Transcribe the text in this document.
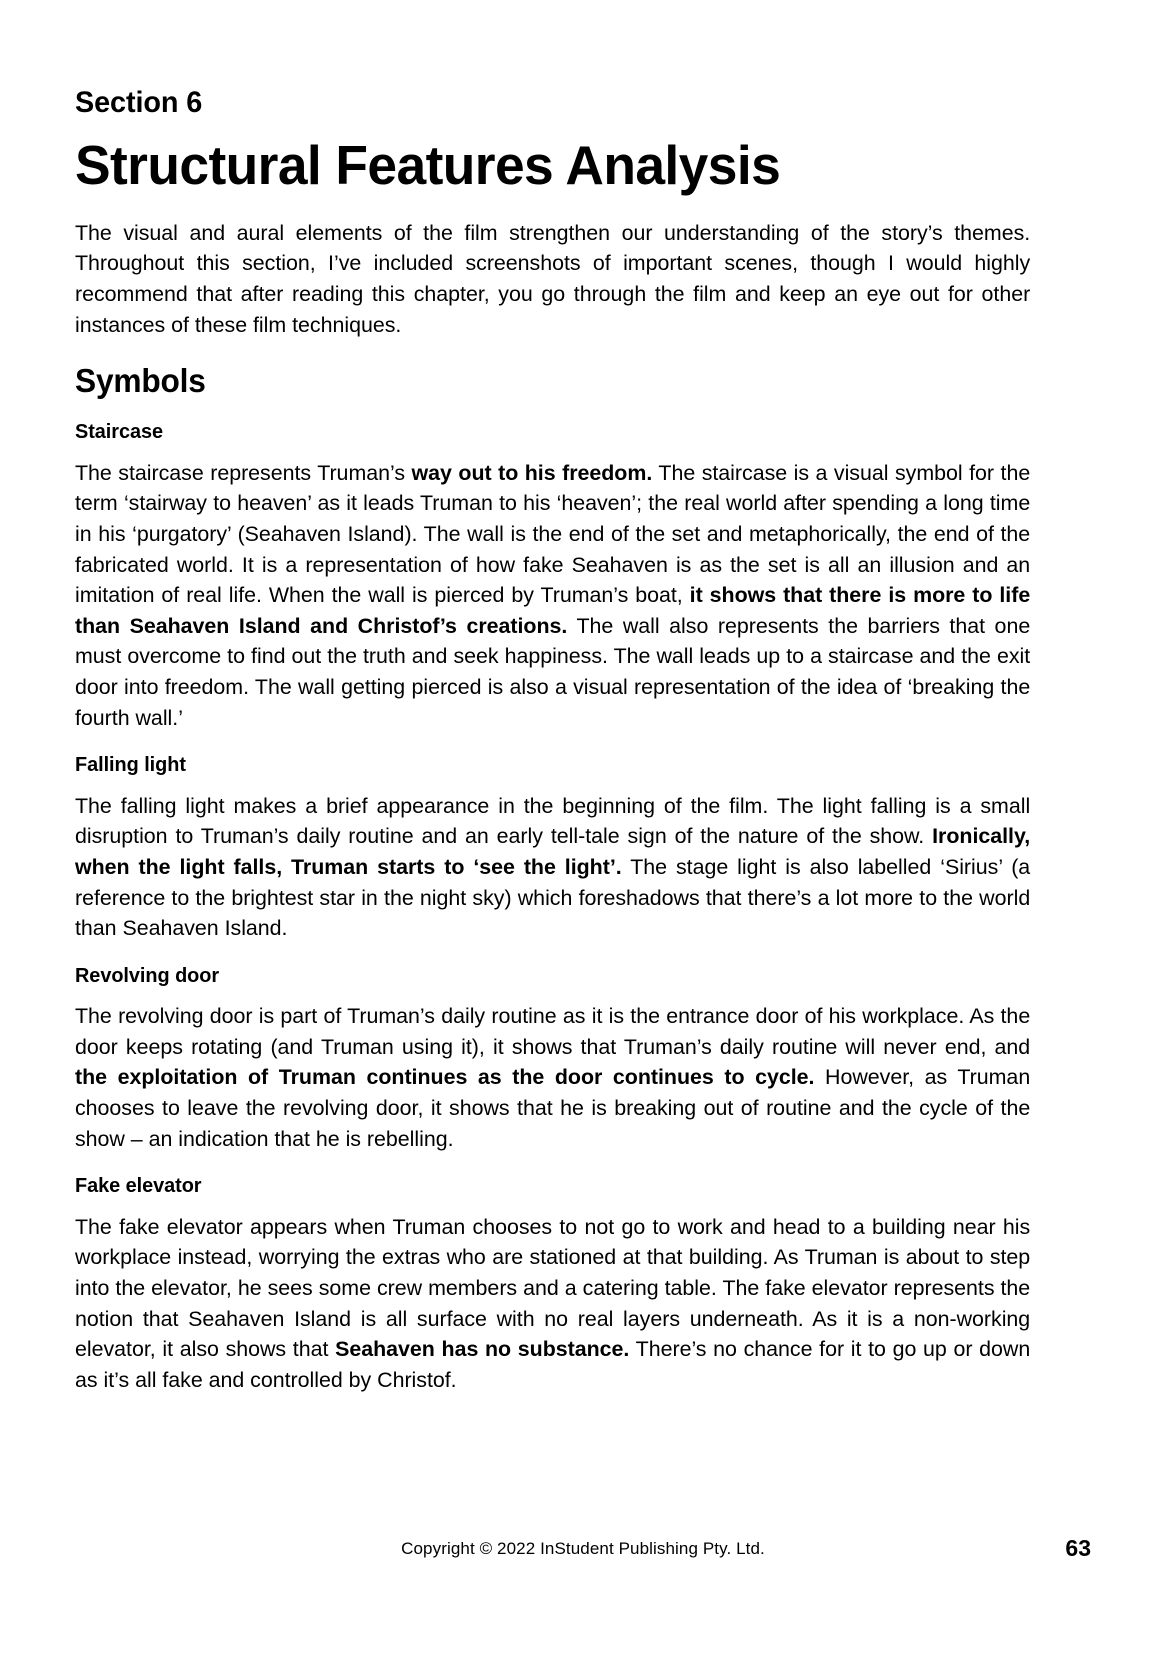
Section 6
Structural Features Analysis

The visual and aural elements of the film strengthen our understanding of the story’s themes. Throughout this section, I’ve included screenshots of important scenes, though I would highly recommend that after reading this chapter, you go through the film and keep an eye out for other instances of these film techniques.

Symbols
Staircase

The staircase represents Truman’s way out to his freedom. The staircase is a visual symbol for the term ‘stairway to heaven’ as it leads Truman to his ‘heaven’; the real world after spending a long time in his ‘purgatory’ (Seahaven Island). The wall is the end of the set and metaphorically, the end of the fabricated world. It is a representation of how fake Seahaven is as the set is all an illusion and an imitation of real life. When the wall is pierced by Truman’s boat, it shows that there is more to life than Seahaven Island and Christof’s creations. The wall also represents the barriers that one must overcome to find out the truth and seek happiness. The wall leads up to a staircase and the exit door into freedom. The wall getting pierced is also a visual representation of the idea of ‘breaking the fourth wall.’

Falling light

The falling light makes a brief appearance in the beginning of the film. The light falling is a small disruption to Truman’s daily routine and an early tell-tale sign of the nature of the show. Ironically, when the light falls, Truman starts to ‘see the light’. The stage light is also labelled ‘Sirius’ (a reference to the brightest star in the night sky) which foreshadows that there’s a lot more to the world than Seahaven Island.

Revolving door

The revolving door is part of Truman’s daily routine as it is the entrance door of his workplace. As the door keeps rotating (and Truman using it), it shows that Truman’s daily routine will never end, and the exploitation of Truman continues as the door continues to cycle. However, as Truman chooses to leave the revolving door, it shows that he is breaking out of routine and the cycle of the show – an indication that he is rebelling.

Fake elevator

The fake elevator appears when Truman chooses to not go to work and head to a building near his workplace instead, worrying the extras who are stationed at that building. As Truman is about to step into the elevator, he sees some crew members and a catering table. The fake elevator represents the notion that Seahaven Island is all surface with no real layers underneath. As it is a non-working elevator, it also shows that Seahaven has no substance. There’s no chance for it to go up or down as it’s all fake and controlled by Christof.

Copyright © 2022 InStudent Publishing Pty. Ltd.	63
